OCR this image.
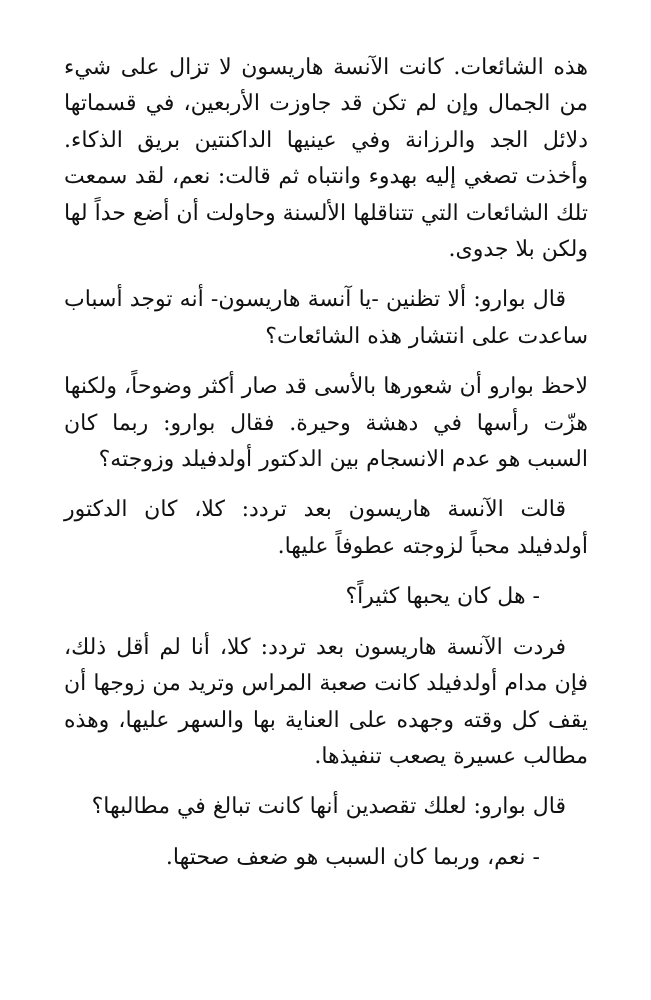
هذه الشائعات. كانت الآنسة هاريسون لا تزال على شيء من الجمال وإن لم تكن قد جاوزت الأربعين، في قسماتها دلائل الجد والرزانة وفي عينيها الداكنتين بريق الذكاء. وأخذت تصغي إليه بهدوء وانتباه ثم قالت: نعم، لقد سمعت تلك الشائعات التي تتناقلها الألسنة وحاولت أن أضع حداً لها ولكن بلا جدوى.

قال بوارو: ألا تظنين -يا آنسة هاريسون- أنه توجد أسباب ساعدت على انتشار هذه الشائعات؟

لاحظ بوارو أن شعورها بالأسى قد صار أكثر وضوحاً، ولكنها هزّت رأسها في دهشة وحيرة. فقال بوارو: ربما كان السبب هو عدم الانسجام بين الدكتور أولدفيلد وزوجته؟

قالت الآنسة هاريسون بعد تردد: كلا، كان الدكتور أولدفيلد محباً لزوجته عطوفاً عليها.

- هل كان يحبها كثيراً؟

فردت الآنسة هاريسون بعد تردد: كلا، أنا لم أقل ذلك، فإن مدام أولدفيلد كانت صعبة المراس وتريد من زوجها أن يقف كل وقته وجهده على العناية بها والسهر عليها، وهذه مطالب عسيرة يصعب تنفيذها.

قال بوارو: لعلك تقصدين أنها كانت تبالغ في مطالبها؟

- نعم، وربما كان السبب هو ضعف صحتها.
